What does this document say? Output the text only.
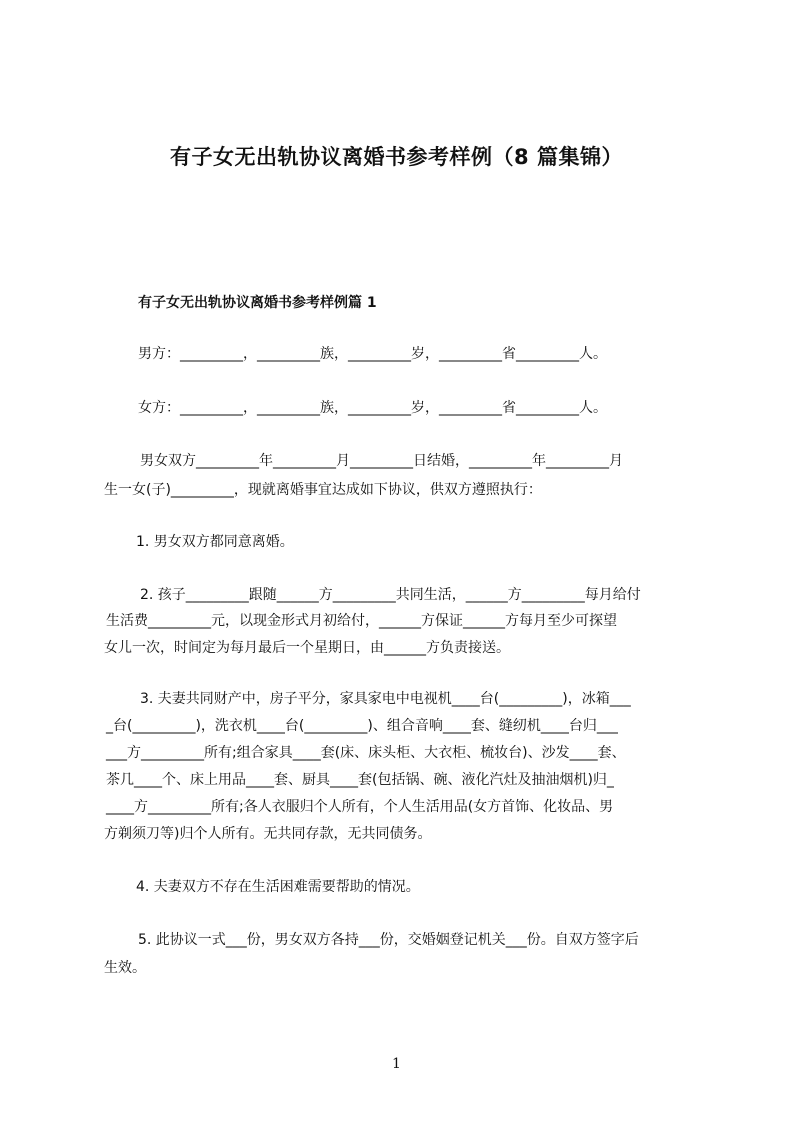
有子女无出轨协议离婚书参考样例（8 篇集锦）
有子女无出轨协议离婚书参考样例篇 1
男方：_________，_________族，_________岁，_________省_________人。
女方：_________，_________族，_________岁，_________省_________人。
男女双方_________年_________月_________日结婚，_________年_________月
生一女(子)_________，现就离婚事宜达成如下协议，供双方遵照执行：
1. 男女双方都同意离婚。
2. 孩子_________跟随______方_________共同生活，______方_________每月给付
生活费_________元，以现金形式月初给付，______方保证______方每月至少可探望
女儿一次，时间定为每月最后一个星期日，由______方负责接送。
3. 夫妻共同财产中，房子平分，家具家电中电视机____台(_________)，冰箱___
_台(_________)，洗衣机____台(_________)、组合音响____套、缝纫机____台归___
___方_________所有;组合家具____套(床、床头柜、大衣柜、梳妆台)、沙发____套、
茶几____个、床上用品____套、厨具____套(包括锅、碗、液化汽灶及抽油烟机)归_
____方_________所有;各人衣服归个人所有，个人生活用品(女方首饰、化妆品、男
方剃须刀等)归个人所有。无共同存款，无共同债务。
4. 夫妻双方不存在生活困难需要帮助的情况。
5. 此协议一式___份，男女双方各持___份，交婚姻登记机关___份。自双方签字后
生效。
1
